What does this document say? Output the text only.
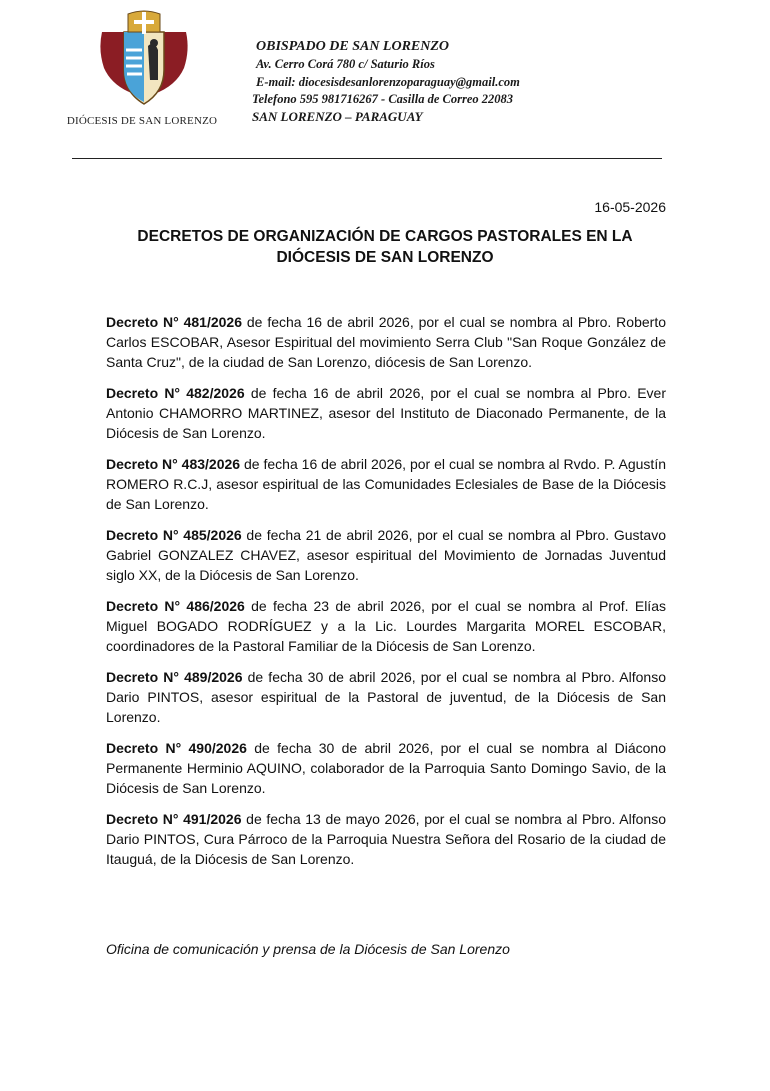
DIÓCESIS DE SAN LORENZO
OBISPADO DE SAN LORENZO
Av. Cerro Corá 780 c/ Saturio Ríos
E-mail: diocesisdesanlorenzoparaguay@gmail.com
Telefono 595 981716267 - Casilla de Correo 22083
SAN LORENZO – PARAGUAY
16-05-2026
DECRETOS DE ORGANIZACIÓN DE CARGOS PASTORALES EN LA DIÓCESIS DE SAN LORENZO

Decreto N° 481/2026 de fecha 16 de abril 2026, por el cual se nombra al Pbro. Roberto Carlos ESCOBAR, Asesor Espiritual del movimiento Serra Club "San Roque González de Santa Cruz", de la ciudad de San Lorenzo, diócesis de San Lorenzo.

Decreto N° 482/2026 de fecha 16 de abril 2026, por el cual se nombra al Pbro. Ever Antonio CHAMORRO MARTINEZ, asesor del Instituto de Diaconado Permanente, de la Diócesis de San Lorenzo.

Decreto N° 483/2026 de fecha 16 de abril 2026, por el cual se nombra al Rvdo. P. Agustín ROMERO R.C.J, asesor espiritual de las Comunidades Eclesiales de Base de la Diócesis de San Lorenzo.

Decreto N° 485/2026 de fecha 21 de abril 2026, por el cual se nombra al Pbro. Gustavo Gabriel GONZALEZ CHAVEZ, asesor espiritual del Movimiento de Jornadas Juventud siglo XX, de la Diócesis de San Lorenzo.

Decreto N° 486/2026 de fecha 23 de abril 2026, por el cual se nombra al Prof. Elías Miguel BOGADO RODRÍGUEZ y a la Lic. Lourdes Margarita MOREL ESCOBAR, coordinadores de la Pastoral Familiar de la Diócesis de San Lorenzo.

Decreto N° 489/2026 de fecha 30 de abril 2026, por el cual se nombra al Pbro. Alfonso Dario PINTOS, asesor espiritual de la Pastoral de juventud, de la Diócesis de San Lorenzo.

Decreto N° 490/2026 de fecha 30 de abril 2026, por el cual se nombra al Diácono Permanente Herminio AQUINO, colaborador de la Parroquia Santo Domingo Savio, de la Diócesis de San Lorenzo.

Decreto N° 491/2026 de fecha 13 de mayo 2026, por el cual se nombra al Pbro. Alfonso Dario PINTOS, Cura Párroco de la Parroquia Nuestra Señora del Rosario de la ciudad de Itauguá, de la Diócesis de San Lorenzo.

Oficina de comunicación y prensa de la Diócesis de San Lorenzo
